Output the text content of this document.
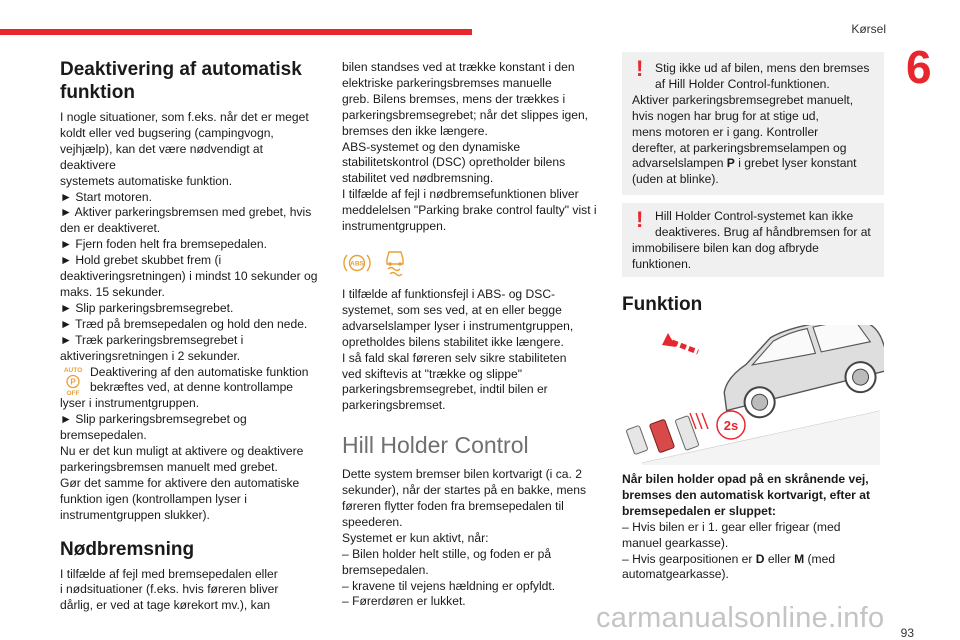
Kørsel
6
Deaktivering af automatisk funktion

I nogle situationer, som f.eks. når det er meget

koldt eller ved bugsering (campingvogn,

vejhjælp), kan det være nødvendigt at deaktivere

systemets automatiske funktion.

► Start motoren.

► Aktiver parkeringsbremsen med grebet, hvis

den er deaktiveret.

► Fjern foden helt fra bremsepedalen.

► Hold grebet skubbet frem (i

deaktiveringsretningen) i mindst 10 sekunder og

maks. 15 sekunder.

► Slip parkeringsbremsegrebet.

► Træd på bremsepedalen og hold den nede.

► Træk parkeringsbremsegrebet i

aktiveringsretningen i 2 sekunder.

AUTO
P
OFF

Deaktivering af den automatiske funktion

bekræftes ved, at denne kontrollampe

lyser i instrumentgruppen.

► Slip parkeringsbremsegrebet og

bremsepedalen.

Nu er det kun muligt at aktivere og deaktivere

parkeringsbremsen manuelt med grebet.

Gør det samme for aktivere den automatiske

funktion igen (kontrollampen lyser i

instrumentgruppen slukker).

Nødbremsning

I tilfælde af fejl med bremsepedalen eller

i nødsituationer (f.eks. hvis føreren bliver

dårlig, er ved at tage kørekort mv.), kan

bilen standses ved at trække konstant i den

elektriske parkeringsbremses manuelle

greb. Bilens bremses, mens der trækkes i

parkeringsbremsegrebet; når det slippes igen,

bremses den ikke længere.

ABS-systemet og den dynamiske

stabilitetskontrol (DSC) opretholder bilens

stabilitet ved nødbremsning.

I tilfælde af fejl i nødbremsefunktionen bliver

meddelelsen "Parking brake control faulty" vist i

instrumentgruppen.

ABS

I tilfælde af funktionsfejl i ABS- og DSC-

systemet, som ses ved, at en eller begge

advarselslamper lyser i instrumentgruppen,

opretholdes bilens stabilitet ikke længere.

I så fald skal føreren selv sikre stabiliteten

ved skiftevis at "trække og slippe"

parkeringsbremsegrebet, indtil bilen er

parkeringsbremset.

Hill Holder Control

Dette system bremser bilen kortvarigt (i ca. 2

sekunder), når der startes på en bakke, mens

føreren flytter foden fra bremsepedalen til

speederen.

Systemet er kun aktivt, når:

– Bilen holder helt stille, og foden er på

bremsepedalen.

– kravene til vejens hældning er opfyldt.

– Førerdøren er lukket.

! Stig ikke ud af bilen, mens den bremses

af Hill Holder Control-funktionen.

Aktiver parkeringsbremsegrebet manuelt,

hvis nogen har brug for at stige ud,

mens motoren er i gang. Kontroller

derefter, at parkeringsbremselampen og

advarselslampen P i grebet lyser konstant

(uden at blinke).

! Hill Holder Control-systemet kan ikke

deaktiveres. Brug af håndbremsen for at

immobilisere bilen kan dog afbryde

funktionen.

Funktion
2s

Når bilen holder opad på en skrånende vej,

bremses den automatisk kortvarigt, efter at

bremsepedalen er sluppet:

– Hvis bilen er i 1. gear eller frigear (med

manuel gearkasse).

– Hvis gearpositionen er D eller M (med

automatgearkasse).

carmanualsonline.info 93
